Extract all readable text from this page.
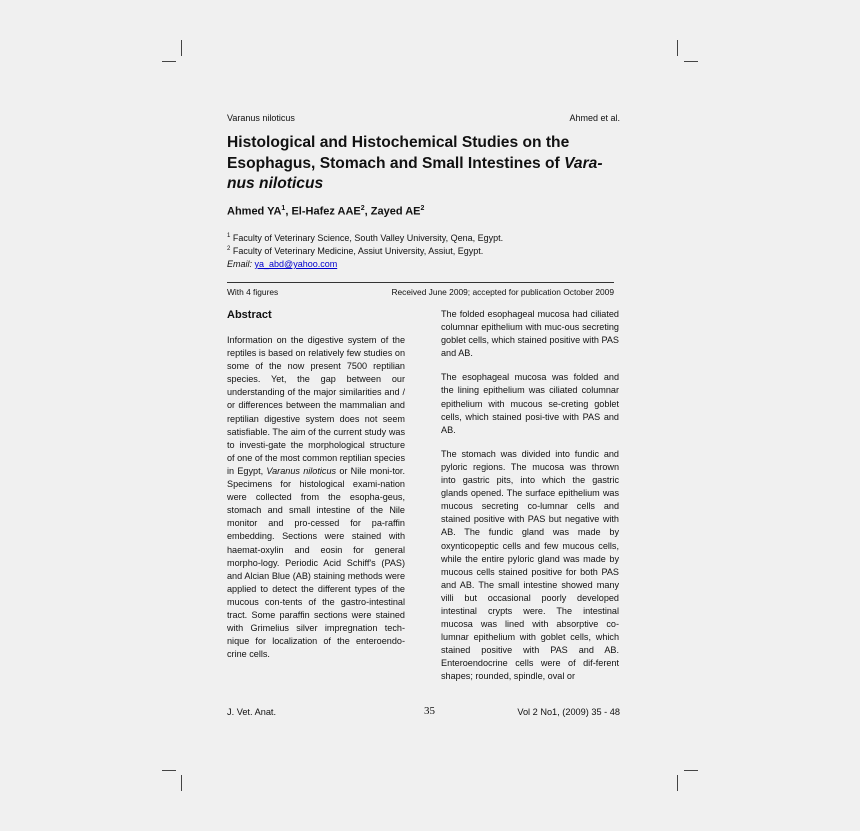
Varanus niloticus	Ahmed et al.
Histological and Histochemical Studies on the Esophagus, Stomach and Small Intestines of Vara-nus niloticus
Ahmed $YA^1$, El-Hafez AAE$^2$, Zayed $AE^2$
$^1$ Faculty of Veterinary Science, South Valley University, Qena, Egypt.
$^2$ Faculty of Veterinary Medicine, Assiut University, Assiut, Egypt.
Email: ya_abd@yahoo.com
With 4 figures	Received June 2009; accepted for publication October 2009
Abstract
Information on the digestive system of the reptiles is based on relatively few studies on some of the now present 7500 reptilian species. Yet, the gap between our understanding of the major similarities and / or differences between the mammalian and reptilian digestive system does not seem satisfiable. The aim of the current study was to investi-gate the morphological structure of one of the most common reptilian species in Egypt, Varanus niloticus or Nile moni-tor. Specimens for histological exami-nation were collected from the esopha-geus, stomach and small intestine of the Nile monitor and pro-cessed for pa-raffin embedding. Sections were stained with haemat-oxylin and eosin for general morpho-logy. Periodic Acid Schiff's (PAS) and Alcian Blue (AB) staining methods were applied to detect the different types of the mucous con-tents of the gastro-intestinal tract. Some paraffin sections were stained with Grimelius silver impregnation tech-nique for localization of the enteroendo-crine cells.

The folded esophageal mucosa had ciliated columnar epithelium with muc-ous secreting goblet cells, which stained positive with PAS and AB.

The esophageal mucosa was folded and the lining epithelium was ciliated columnar epithelium with mucous se-creting goblet cells, which stained posi-tive with PAS and AB.

The stomach was divided into fundic and pyloric regions. The mucosa was thrown into gastric pits, into which the gastric glands opened. The surface epithelium was mucous secreting co-lumnar cells and stained positive with PAS but negative with AB. The fundic gland was made by oxynticopeptic cells and few mucous cells, while the entire pyloric gland was made by mucous cells stained positive for both PAS and AB. The small intestine showed many villi but occasional poorly developed intestinal crypts were. The intestinal mucosa was lined with absorptive co-lumnar epithelium with goblet cells, which stained positive with PAS and AB. Enteroendocrine cells were of dif-ferent shapes; rounded, spindle, oval or

J. Vet. Anat.	35	Vol 2 No1, (2009) 35 - 48
